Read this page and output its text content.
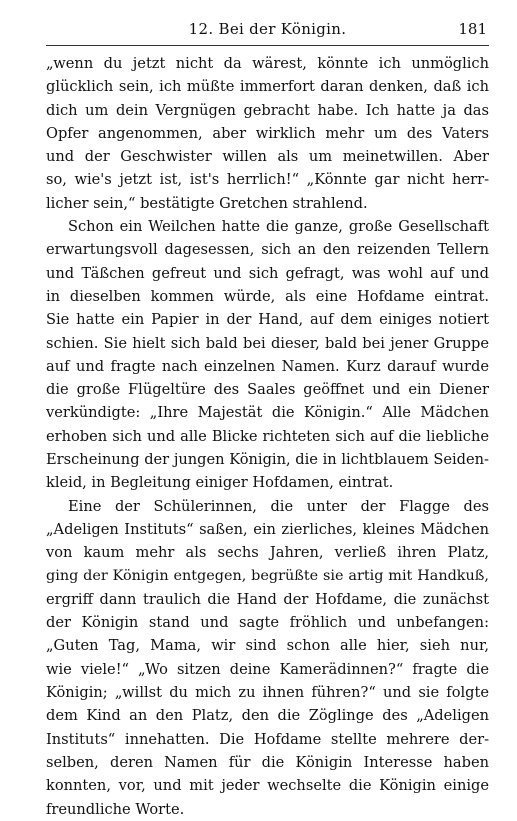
12. Bei der Königin.	181
„wenn du jetzt nicht da wärest, könnte ich unmöglich
glücklich sein, ich müßte immerfort daran denken, daß ich
dich um dein Vergnügen gebracht habe. Ich hatte ja das
Opfer angenommen, aber wirklich mehr um des Vaters
und der Geschwister willen als um meinetwillen. Aber
so, wie's jetzt ist, ist's herrlich!“ „Könnte gar nicht herr-
licher sein,“ bestätigte Gretchen strahlend.
Schon ein Weilchen hatte die ganze, große Gesellschaft
erwartungsvoll dagesessen, sich an den reizenden Tellern
und Täßchen gefreut und sich gefragt, was wohl auf und
in dieselben kommen würde, als eine Hofdame eintrat.
Sie hatte ein Papier in der Hand, auf dem einiges notiert
schien. Sie hielt sich bald bei dieser, bald bei jener Gruppe
auf und fragte nach einzelnen Namen. Kurz darauf wurde
die große Flügeltüre des Saales geöffnet und ein Diener
verkündigte: „Ihre Majestät die Königin.“ Alle Mädchen
erhoben sich und alle Blicke richteten sich auf die liebliche
Erscheinung der jungen Königin, die in lichtblauem Seiden-
kleid, in Begleitung einiger Hofdamen, eintrat.
Eine der Schülerinnen, die unter der Flagge des
„Adeligen Instituts“ saßen, ein zierliches, kleines Mädchen
von kaum mehr als sechs Jahren, verließ ihren Platz,
ging der Königin entgegen, begrüßte sie artig mit Handkuß,
ergriff dann traulich die Hand der Hofdame, die zunächst
der Königin stand und sagte fröhlich und unbefangen:
„Guten Tag, Mama, wir sind schon alle hier, sieh nur,
wie viele!“ „Wo sitzen deine Kamerädinnen?“ fragte die
Königin; „willst du mich zu ihnen führen?“ und sie folgte
dem Kind an den Platz, den die Zöglinge des „Adeligen
Instituts“ innehatten. Die Hofdame stellte mehrere der-
selben, deren Namen für die Königin Interesse haben
konnten, vor, und mit jeder wechselte die Königin einige
freundliche Worte.
